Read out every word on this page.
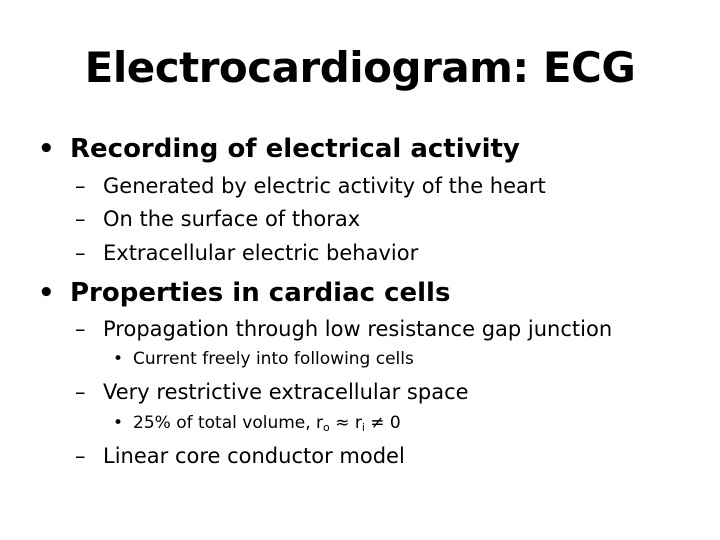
Electrocardiogram: ECG
• Recording of electrical activity
– Generated by electric activity of the heart
– On the surface of thorax
– Extracellular electric behavior
• Properties in cardiac cells
– Propagation through low resistance gap junction
• Current freely into following cells
– Very restrictive extracellular space
• 25% of total volume, $r_o \approx r_i \ne 0$
– Linear core conductor model
